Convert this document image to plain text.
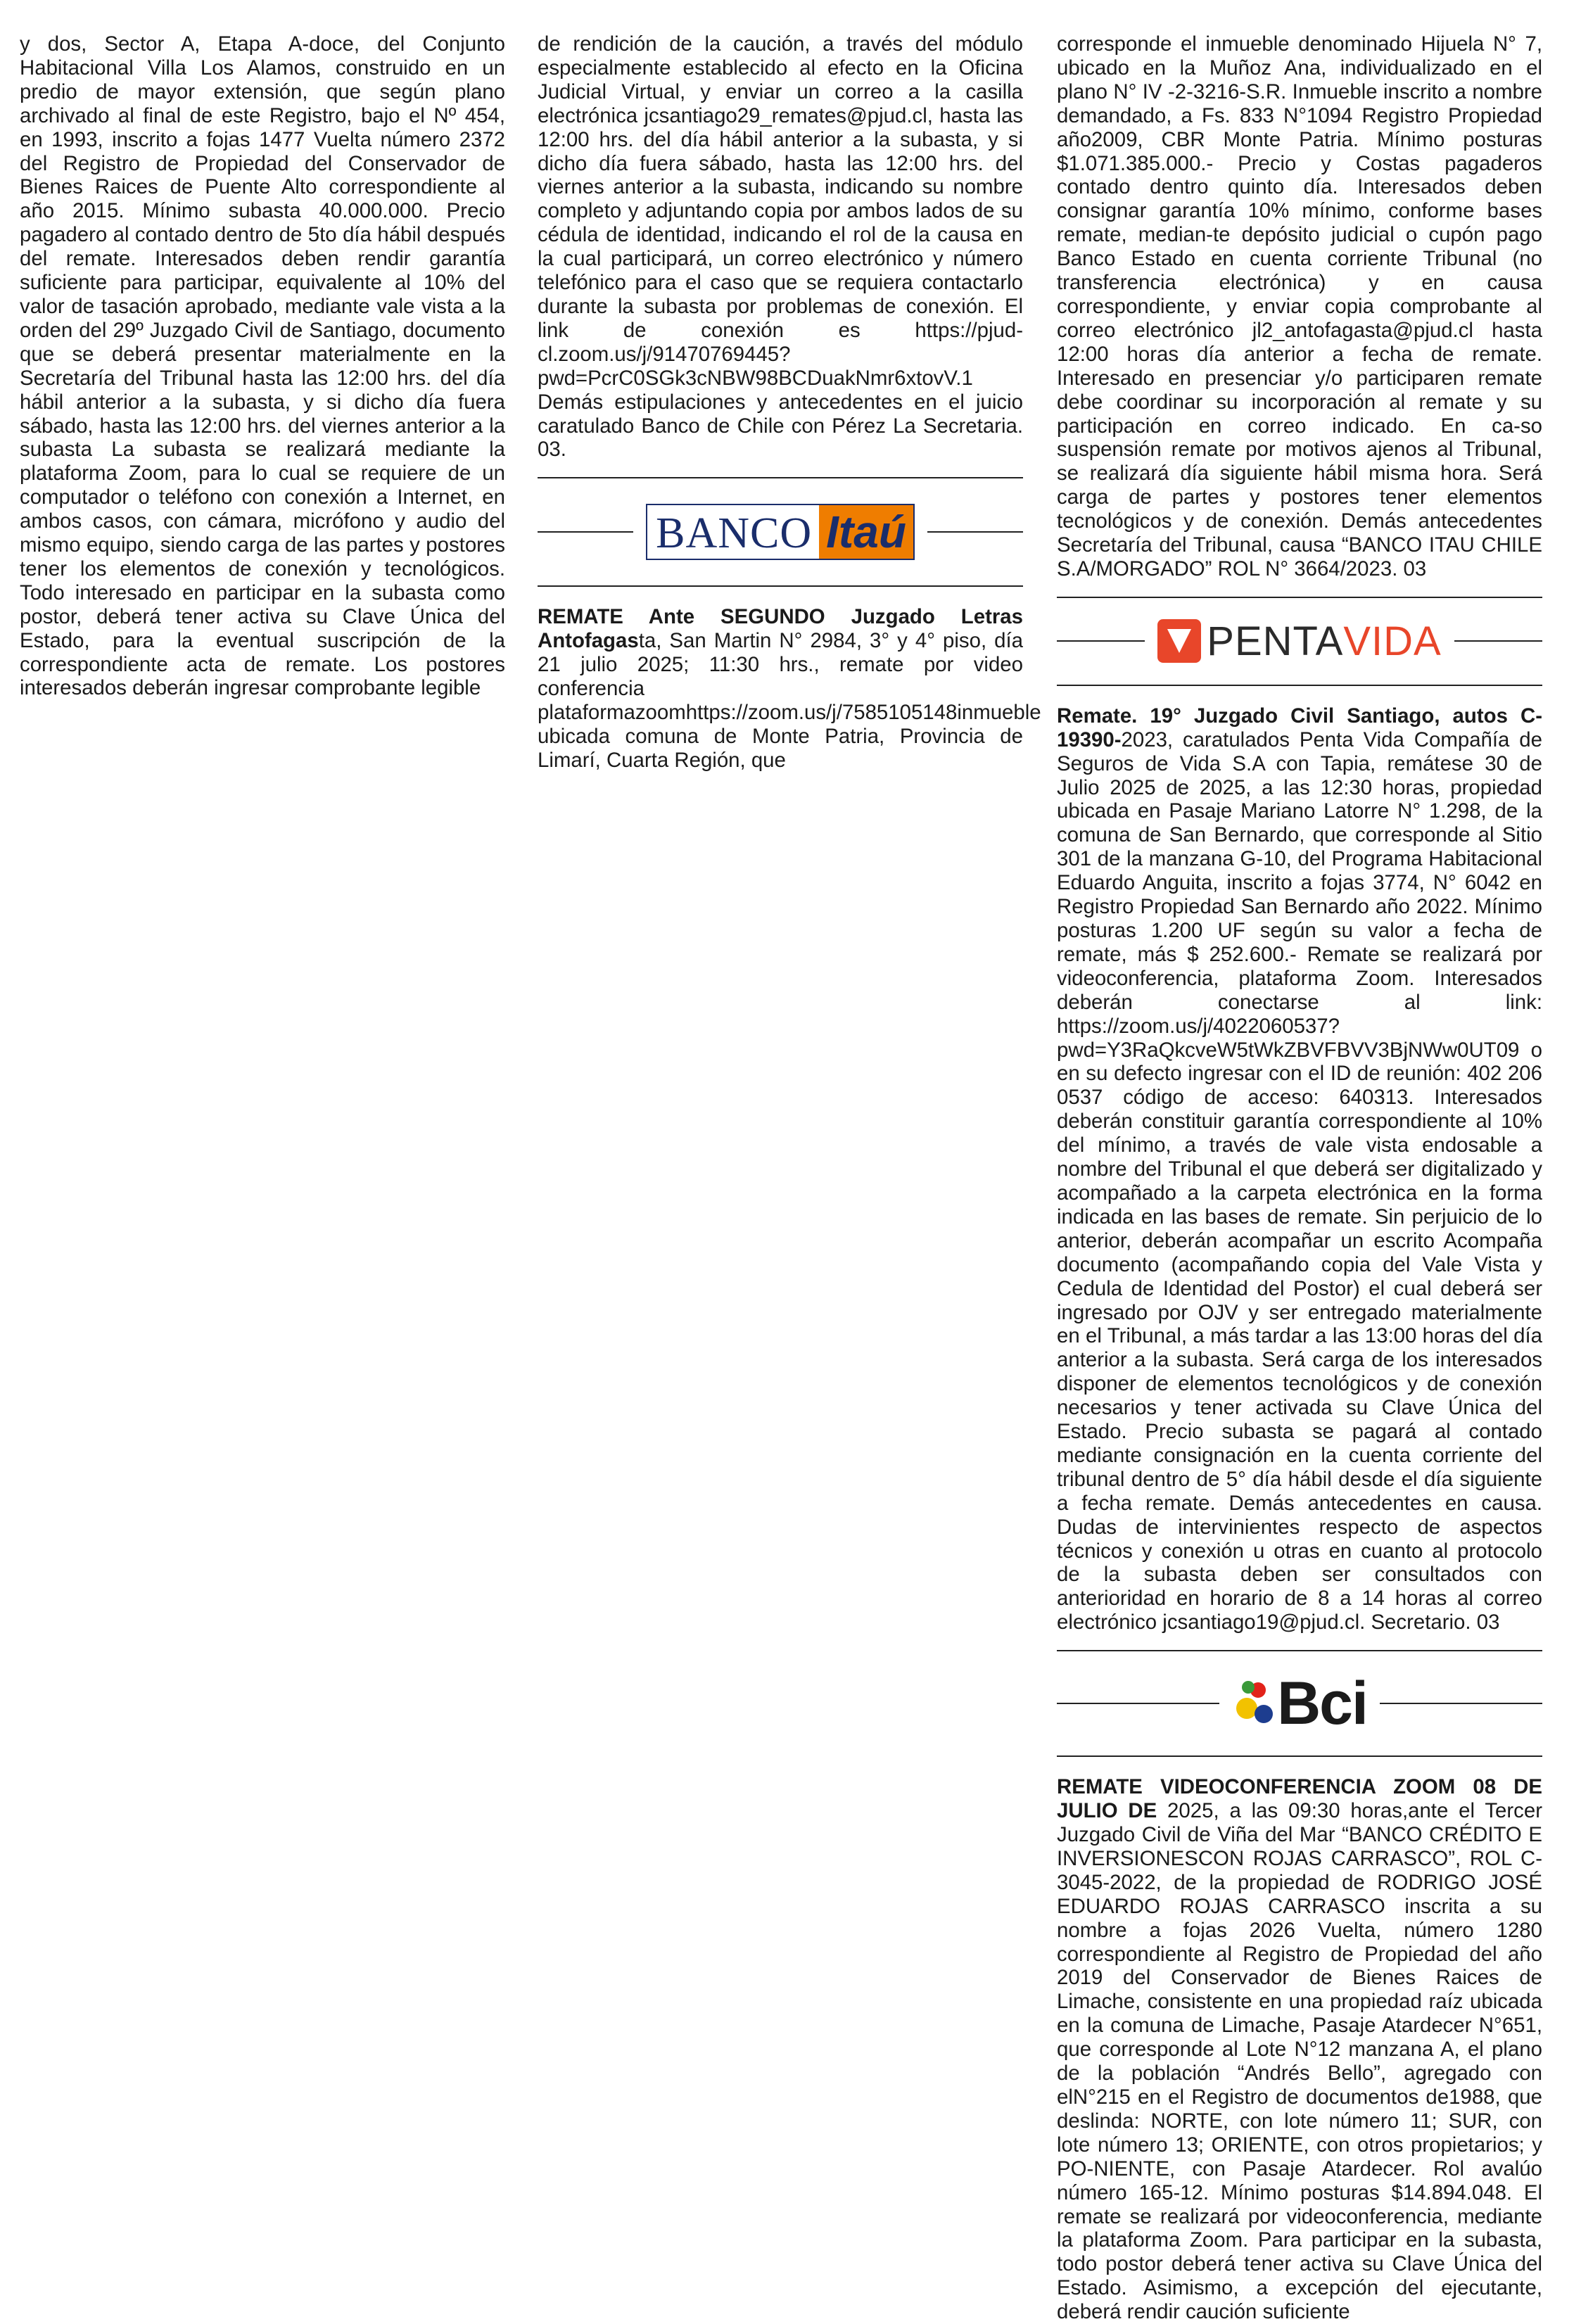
y dos, Sector A, Etapa A-doce, del Conjunto Habitacional Villa Los Alamos, construido en un predio de mayor extensión, que según plano archivado al final de este Registro, bajo el Nº 454, en 1993, inscrito a fojas 1477 Vuelta número 2372 del Registro de Propiedad del Conservador de Bienes Raices de Puente Alto correspondiente al año 2015. Mínimo subasta 40.000.000. Precio pagadero al contado dentro de 5to día hábil después del remate. Interesados deben rendir garantía suficiente para participar, equivalente al 10% del valor de tasación aprobado, mediante vale vista a la orden del 29º Juzgado Civil de Santiago, documento que se deberá presentar materialmente en la Secretaría del Tribunal hasta las 12:00 hrs. del día hábil anterior a la subasta, y si dicho día fuera sábado, hasta las 12:00 hrs. del viernes anterior a la subasta La subasta se realizará mediante la plataforma Zoom, para lo cual se requiere de un computador o teléfono con conexión a Internet, en ambos casos, con cámara, micrófono y audio del mismo equipo, siendo carga de las partes y postores tener los elementos de conexión y tecnológicos. Todo interesado en participar en la subasta como postor, deberá tener activa su Clave Única del Estado, para la eventual suscripción de la correspondiente acta de remate. Los postores interesados deberán ingresar comprobante legible

de rendición de la caución, a través del módulo especialmente establecido al efecto en la Oficina Judicial Virtual, y enviar un correo a la casilla electrónica jcsantiago29_remates@pjud.cl, hasta las 12:00 hrs. del día hábil anterior a la subasta, y si dicho día fuera sábado, hasta las 12:00 hrs. del viernes anterior a la subasta, indicando su nombre completo y adjuntando copia por ambos lados de su cédula de identidad, indicando el rol de la causa en la cual participará, un correo electrónico y número telefónico para el caso que se requiera contactarlo durante la subasta por problemas de conexión. El link de conexión es https://pjud-cl.zoom.us/j/91470769445? pwd=PcrC0SGk3cNBW98BCDuakNmr6xtovV.1 Demás estipulaciones y antecedentes en el juicio caratulado Banco de Chile con Pérez La Secretaria. 03.

BANCO Itaú

REMATE Ante SEGUNDO Juzgado Letras Antofagasta, San Martin N° 2984, 3° y 4° piso, día 21 julio 2025; 11:30 hrs., remate por video conferencia plataformazoomhttps://zoom.us/j/7585105148inmueble ubicada comuna de Monte Patria, Provincia de Limarí, Cuarta Región, que

corresponde el inmueble denominado Hijuela N° 7, ubicado en la Muñoz Ana, individualizado en el plano N° IV -2-3216-S.R. Inmueble inscrito a nombre demandado, a Fs. 833 N°1094 Registro Propiedad año2009, CBR Monte Patria. Mínimo posturas $1.071.385.000.- Precio y Costas pagaderos contado dentro quinto día. Interesados deben consignar garantía 10% mínimo, conforme bases remate, median-te depósito judicial o cupón pago Banco Estado en cuenta corriente Tribunal (no transferencia electrónica) y en causa correspondiente, y enviar copia comprobante al correo electrónico jl2_antofagasta@pjud.cl hasta 12:00 horas día anterior a fecha de remate. Interesado en presenciar y/o participaren remate debe coordinar su incorporación al remate y su participación en correo indicado. En ca-so suspensión remate por motivos ajenos al Tribunal, se realizará día siguiente hábil misma hora. Será carga de partes y postores tener elementos tecnológicos y de conexión. Demás antecedentes Secretaría del Tribunal, causa “BANCO ITAU CHILE S.A/MORGADO” ROL N° 3664/2023. 03

PENTA VIDA

Remate. 19° Juzgado Civil Santiago, autos C-19390-2023, caratulados Penta Vida Compañía de Seguros de Vida S.A con Tapia, remátese 30 de Julio 2025 de 2025, a las 12:30 horas, propiedad ubicada en Pasaje Mariano Latorre N° 1.298, de la comuna de San Bernardo, que corresponde al Sitio 301 de la manzana G-10, del Programa Habitacional Eduardo Anguita, inscrito a fojas 3774, N° 6042 en Registro Propiedad San Bernardo año 2022. Mínimo posturas 1.200 UF según su valor a fecha de remate, más $ 252.600.- Remate se realizará por videoconferencia, plataforma Zoom. Interesados deberán conectarse al link: https://zoom.us/j/4022060537?pwd=Y3RaQkcveW5tWkZBVFBVV3BjNWw0UT09 o en su defecto ingresar con el ID de reunión: 402 206 0537 código de acceso: 640313. Interesados deberán constituir garantía correspondiente al 10% del mínimo, a través de vale vista endosable a nombre del Tribunal el que deberá ser digitalizado y acompañado a la carpeta electrónica en la forma indicada en las bases de remate. Sin perjuicio de lo anterior, deberán acompañar un escrito Acompaña documento (acompañando copia del Vale Vista y Cedula de Identidad del Postor) el cual deberá ser ingresado por OJV y ser entregado materialmente en el Tribunal, a más tardar a las 13:00 horas del día anterior a la subasta. Será carga de los interesados disponer de elementos tecnológicos y de conexión necesarios y tener activada su Clave Única del Estado. Precio subasta se pagará al contado mediante consignación en la cuenta corriente del tribunal dentro de 5° día hábil desde el día siguiente a fecha remate. Demás antecedentes en causa. Dudas de intervinientes respecto de aspectos técnicos y conexión u otras en cuanto al protocolo de la subasta deben ser consultados con anterioridad en horario de 8 a 14 horas al correo electrónico jcsantiago19@pjud.cl. Secretario. 03

Bci

REMATE VIDEOCONFERENCIA ZOOM 08 DE JULIO DE 2025, a las 09:30 horas,ante el Tercer Juzgado Civil de Viña del Mar “BANCO CRÉDITO E INVERSIONESCON ROJAS CARRASCO”, ROL C-3045-2022, de la propiedad de RODRIGO JOSÉ EDUARDO ROJAS CARRASCO inscrita a su nombre a fojas 2026 Vuelta, número 1280 correspondiente al Registro de Propiedad del año 2019 del Conservador de Bienes Raices de Limache, consistente en una propiedad raíz ubicada en la comuna de Limache, Pasaje Atardecer N°651, que corresponde al Lote N°12 manzana A, el plano de la población “Andrés Bello”, agregado con elN°215 en el Registro de documentos de1988, que deslinda: NORTE, con lote número 11; SUR, con lote número 13; ORIENTE, con otros propietarios; y PO-NIENTE, con Pasaje Atardecer. Rol avalúo número 165-12. Mínimo posturas $14.894.048. El remate se realizará por videoconferencia, mediante la plataforma Zoom. Para participar en la subasta, todo postor deberá tener activa su Clave Única del Estado. Asimismo, a excepción del ejecutante, deberá rendir caución suficiente
